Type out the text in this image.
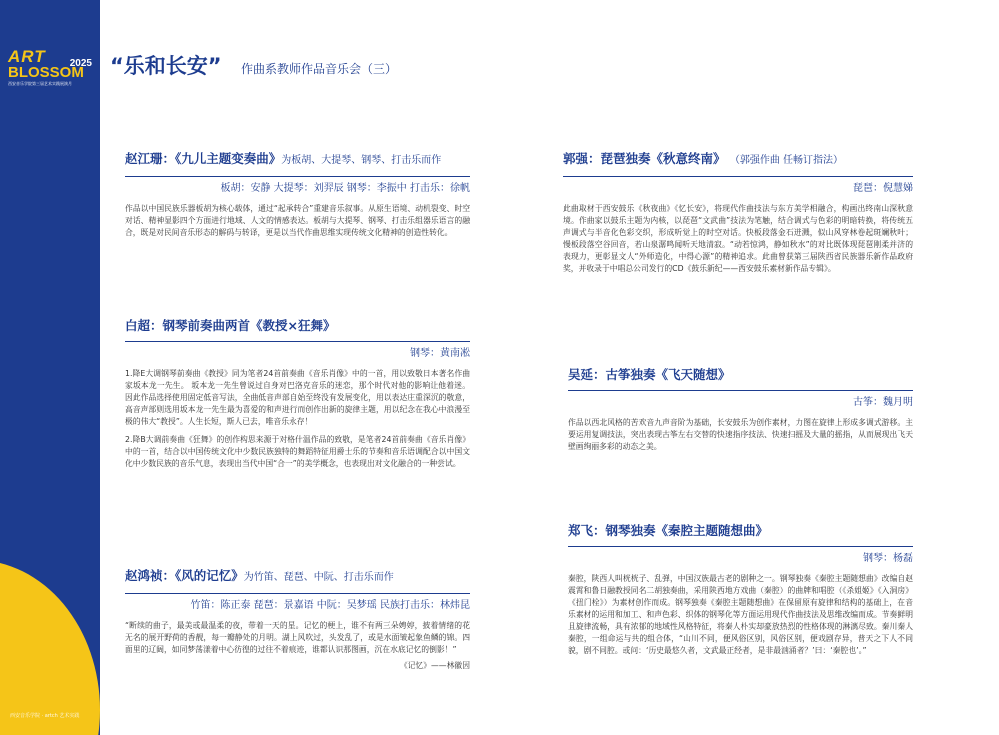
ART	2025
BLOSSOM
西安音乐学院第三届艺术实践展演月
西安音乐学院 · artch 艺术实践
“乐和长安” 作曲系教师作品音乐会（三）
赵江珊：《九儿主题变奏曲》为板胡、大提琴、钢琴、打击乐而作
板胡：安静 大提琴：刘羿辰 钢琴：李振中 打击乐：徐帆

作品以中国民族乐器板胡为核心载体，通过“起承转合”重建音乐叙事。从原生语境、动机裂变、时空对话、精神显影四个方面进行地域、人文的情感表达。板胡与大提琴、钢琴、打击乐组器乐语言的融合，既是对民间音乐形态的解码与转译，更是以当代作曲思维实现传统文化精神的创造性转化。

白超：钢琴前奏曲两首《教授×狂舞》
钢琴：黄南凇

1.降E大调钢琴前奏曲《教授》同为笔者24首前奏曲《音乐肖像》中的一首，用以致敬日本著名作曲家坂本龙一先生。 坂本龙一先生曾说过自身对巴洛克音乐的迷恋，那个时代对他的影响让他着迷。 因此作品选择使用固定低音写法，全曲低音声部自始至终没有发展变化，用以表达庄重深沉的敬意，高音声部则选用坂本龙一先生最为喜爱的和声进行而创作出新的旋律主题，用以纪念在我心中浪漫至极的伟大“教授”。人生长短，斯人已去，唯音乐永存！

2.降B大调前奏曲《狂舞》的创作构思来源于对格什温作品的致敬，是笔者24首前奏曲《音乐肖像》中的一首，结合以中国传统文化中少数民族独特的舞蹈特征用爵士乐的节奏和音乐语调配合以中国文化中少数民族的音乐气息，表现出当代中国“合一”的美学概念，也表现出对文化融合的一种尝试。

赵鸿祯：《风的记忆》为竹笛、琵琶、中阮、打击乐而作
竹笛：陈正泰 琵琶：景嘉语 中阮：吴梦瑶 民族打击乐：林炜昆

“断续的曲子，最美或最温柔的夜，带着一天的星。记忆的梗上，谁不有两三朵娉婷，披着情绪的花无名的展开野荷的香靓，每一瓣静处的月明。湖上风吹过，头发乱了，或是水面皱起象鱼鳞的锦。四面里的辽阔，如同梦荡漾着中心彷徨的过往不着痕迹，谁都认识那图画，沉在水底记忆的倒影！”

《记忆》——林徽因
郭强：琵琶独奏《秋意终南》 （郭强作曲 任畅订指法）
琵琶：倪慧娣

此曲取材于西安鼓乐《秋夜曲》《忆长安》，将现代作曲技法与东方美学相融合，构画出终南山深秋意境。作曲家以鼓乐主题为内核，以琵琶“文武曲”技法为笔触，结合调式与色彩的明暗转换，将传统五声调式与半音化色彩交织，形成听觉上的时空对话。快板段落金石迸溅，似山风穿林卷起斑斓秋叶；慢板段落空谷回音，若山泉潺鸣闻听天地清寂。“动若惊鸿，静如秋水”的对比既体现琵琶刚柔并济的表现力，更彰显文人“外师造化，中得心源”的精神追求。此曲曾获第三届陕西省民族器乐新作品政府奖，并收录于中唱总公司发行的CD《鼓乐新纪——西安鼓乐素材新作品专辑》。

吴延：古筝独奏《飞天随想》
古筝：魏月明

作品以西北风格的苦欢音九声音阶为基础，长安鼓乐为创作素材，力图在旋律上形成多调式游移。主要运用复调技法，突出表现古筝左右交替的快速指序技法、快速扫摇及大量的摇指，从而展现出飞天壁画绚丽多彩的动态之美。

郑飞：钢琴独奏《秦腔主题随想曲》
钢琴：杨磊

秦腔，陕西人叫桄桄子、乱弹，中国汉族最古老的剧种之一。钢琴独奏《秦腔主题随想曲》改编自赵震霄和鲁日融教授同名二胡独奏曲，采用陕西地方戏曲（秦腔）的曲牌和唱腔（《杀姐姬》《入洞房》《扭门栓》）为素材创作而成。钢琴独奏《秦腔主题随想曲》在保留原有旋律和结构的基础上，在音乐素材的运用和加工、和声色彩、织体的钢琴化等方面运用现代作曲技法及思维改编而成。节奏鲜明且旋律流畅，具有浓郁的地域性风格特征，将秦人朴实却豪放热烈的性格体现的淋漓尽致。秦川秦人秦腔，一组命运与共的组合体，“山川不同，便风俗区别，风俗区别，便戏剧存异，普天之下人不同貌，剧不同腔。或问：‘历史最悠久者，文武最正经者，是非最汹涌者？’曰：‘秦腔也’。”
